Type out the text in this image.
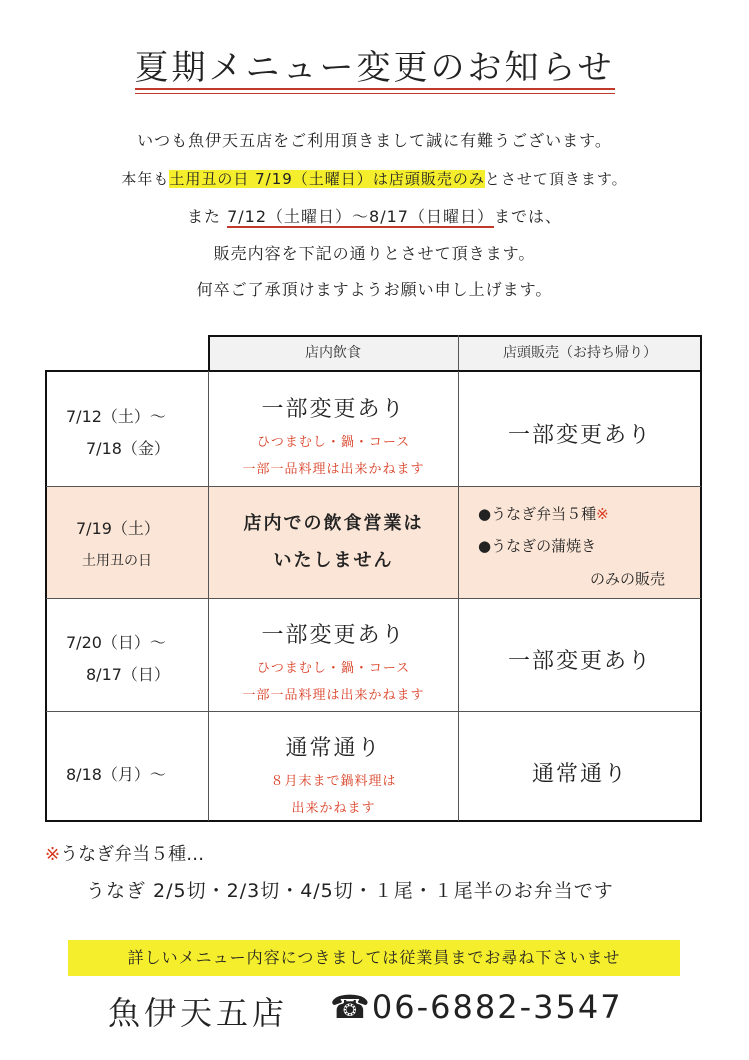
夏期メニュー変更のお知らせ
いつも魚伊天五店をご利用頂きまして誠に有難うございます。
本年も土用丑の日 7/19（土曜日）は店頭販売のみとさせて頂きます。
また 7/12（土曜日）～8/17（日曜日）までは、
販売内容を下記の通りとさせて頂きます。
何卒ご了承頂けますようお願い申し上げます。
店内飲食	店頭販売（お持ち帰り）
7/12（土）～
7/18（金）
一部変更あり
ひつまむし・鍋・コース
一部一品料理は出来かねます
一部変更あり
7/19（土）
土用丑の日
店内での飲食営業は
いたしません
●うなぎ弁当５種※
●うなぎの蒲焼き
のみの販売
7/20（日）～
8/17（日）
一部変更あり
ひつまむし・鍋・コース
一部一品料理は出来かねます
一部変更あり
8/18（月）～
通常通り
８月末まで鍋料理は
出来かねます
通常通り
※うなぎ弁当５種…
うなぎ 2/5切・2/3切・4/5切・１尾・１尾半のお弁当です
詳しいメニュー内容につきましては従業員までお尋ね下さいませ
魚伊天五店 ☎06-6882-3547
